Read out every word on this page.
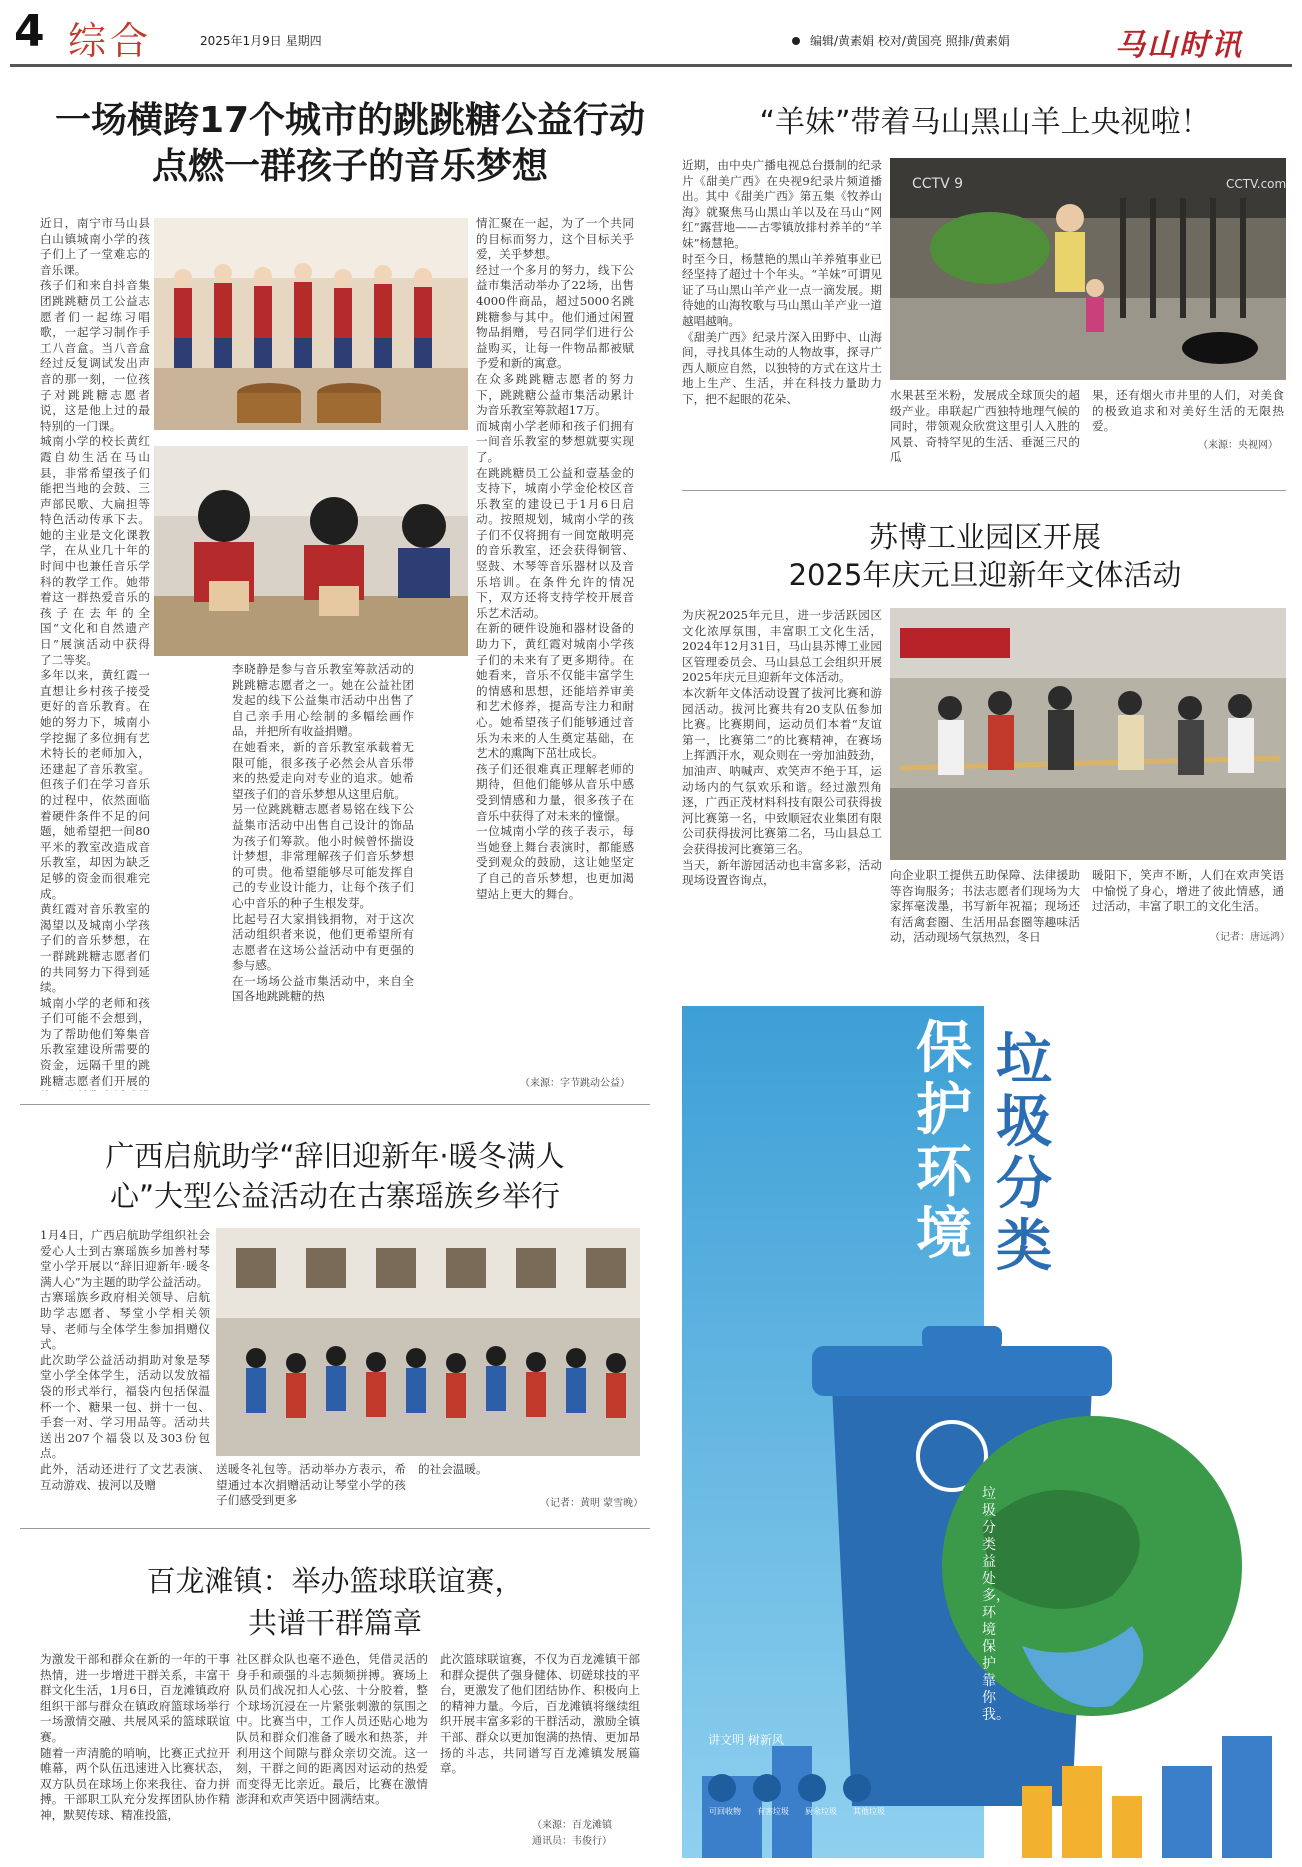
4 综合	2025年1月9日 星期四	编辑/黄素娟 校对/黄国亮 照排/黄素娟	马山时讯
一场横跨17个城市的跳跳糖公益行动
点燃一群孩子的音乐梦想
近日，南宁市马山县白山镇城南小学的孩子们上了一堂难忘的音乐课。
孩子们和来自抖音集团跳跳糖员工公益志愿者们一起练习唱歌，一起学习制作手工八音盒。当八音盒经过反复调试发出声音的那一刻，一位孩子对跳跳糖志愿者说，这是他上过的最特别的一门课。
城南小学的校长黄红霞自幼生活在马山县，非常希望孩子们能把当地的会鼓、三声部民歌、大扁担等特色活动传承下去。她的主业是文化课教学，在从业几十年的时间中也兼任音乐学科的教学工作。她带着这一群热爱音乐的孩子在去年的全国“文化和自然遗产日”展演活动中获得了二等奖。
多年以来，黄红霞一直想让乡村孩子接受更好的音乐教育。在她的努力下，城南小学挖掘了多位拥有艺术特长的老师加入，还建起了音乐教室。但孩子们在学习音乐的过程中，依然面临着硬件条件不足的问题，她希望把一间80平米的教室改造成音乐教室，却因为缺乏足够的资金而很难完成。
黄红霞对音乐教室的渴望以及城南小学孩子们的音乐梦想，在一群跳跳糖志愿者们的共同努力下得到延续。
城南小学的老师和孩子们可能不会想到，为了帮助他们筹集音乐教室建设所需要的资金，远隔千里的跳跳糖志愿者们开展的

李晓静是参与音乐教室筹款活动的跳跳糖志愿者之一。她在公益社团发起的线下公益集市活动中出售了自己亲手用心绘制的多幅绘画作品，并把所有收益捐赠。
在她看来，新的音乐教室承载着无限可能，很多孩子必然会从音乐带来的热爱走向对专业的追求。她希望孩子们的音乐梦想从这里启航。
另一位跳跳糖志愿者易铭在线下公益集市活动中出售自己设计的饰品为孩子们筹款。他小时候曾怀揣设计梦想，非常理解孩子们音乐梦想的可贵。他希望能够尽可能发挥自己的专业设计能力，让每个孩子们心中音乐的种子生根发芽。
比起号召大家捐钱捐物，对于这次活动组织者来说，他们更希望所有志愿者在这场公益活动中有更强的参与感。
在一场场公益市集活动中，来自全国各地跳跳糖的热
情汇聚在一起，为了一个共同的目标而努力，这个目标关乎爱，关乎梦想。
经过一个多月的努力，线下公益市集活动举办了22场，出售4000件商品，超过5000名跳跳糖参与其中。他们通过闲置物品捐赠，号召同学们进行公益购买，让每一件物品都被赋予爱和新的寓意。
在众多跳跳糖志愿者的努力下，跳跳糖公益市集活动累计为音乐教室筹款超17万。
而城南小学老师和孩子们拥有一间音乐教室的梦想就要实现了。
在跳跳糖员工公益和壹基金的支持下，城南小学金伦校区音乐教室的建设已于1月6日启动。按照规划，城南小学的孩子们不仅将拥有一间宽敞明亮的音乐教室，还会获得铜管、竖鼓、木琴等音乐器材以及音乐培训。在条件允许的情况下，双方还将支持学校开展音乐艺术活动。
在新的硬件设施和器材设备的助力下，黄红霞对城南小学孩子们的未来有了更多期待。在她看来，音乐不仅能丰富学生的情感和思想，还能培养审美和艺术修养，提高专注力和耐心。她希望孩子们能够通过音乐为未来的人生奠定基础，在艺术的熏陶下茁壮成长。
孩子们还很难真正理解老师的期待，但他们能够从音乐中感受到情感和力量，很多孩子在音乐中获得了对未来的憧憬。
一位城南小学的孩子表示，每当她登上舞台表演时，都能感受到观众的鼓励，这让她坚定了自己的音乐梦想，也更加渴望站上更大的舞台。
（来源：字节跳动公益）
“羊妹”带着马山黑山羊上央视啦！
CCTV 9	CCTV.com
近期，由中央广播电视总台摄制的纪录片《甜美广西》在央视9纪录片频道播出。其中《甜美广西》第五集《牧养山海》就聚焦马山黑山羊以及在马山“网红”露营地——古零镇放排村养羊的“羊妹”杨慧艳。
时至今日，杨慧艳的黑山羊养殖事业已经坚持了超过十个年头。“羊妹”可谓见证了马山黑山羊产业一点一滴发展。期待她的山海牧歌与马山黑山羊产业一道越唱越响。
《甜美广西》纪录片深入田野中、山海间，寻找具体生动的人物故事，探寻广西人顺应自然，以独特的方式在这片土地上生产、生活，并在科技力量助力下，把不起眼的花朵、	水果甚至米粉，发展成全球顶尖的超级产业。串联起广西独特地理气候的同时，带领观众欣赏这里引人入胜的风景、奇特罕见的生活、垂涎三尺的瓜
果，还有烟火市井里的人们，对美食的极致追求和对美好生活的无限热爱。
（来源：央视网）
苏博工业园区开展
2025年庆元旦迎新年文体活动
为庆祝2025年元旦，进一步活跃园区文化浓厚氛围，丰富职工文化生活，2024年12月31日，马山县苏博工业园区管理委员会、马山县总工会组织开展2025年庆元旦迎新年文体活动。
本次新年文体活动设置了拔河比赛和游园活动。拔河比赛共有20支队伍参加比赛。比赛期间，运动员们本着“友谊第一，比赛第二”的比赛精神，在赛场上挥洒汗水，观众则在一旁加油鼓劲，加油声、呐喊声、欢笑声不绝于耳，运动场内的气氛欢乐和谐。经过激烈角逐，广西正茂材料科技有限公司获得拔河比赛第一名，中致顺冠农业集团有限公司获得拔河比赛第二名，马山县总工会获得拔河比赛第三名。
当天，新年游园活动也丰富多彩，活动现场设置咨询点，	向企业职工提供五助保障、法律援助等咨询服务；书法志愿者们现场为大家挥毫泼墨，书写新年祝福；现场还有活禽套圈、生活用品套圈等趣味活动，活动现场气氛热烈，冬日
暖阳下，笑声不断，人们在欢声笑语中愉悦了身心，增进了彼此情感，通过活动，丰富了职工的文化生活。
（记者：唐远鸿）
广西启航助学“辞旧迎新年·暖冬满人
心”大型公益活动在古寨瑶族乡举行
1月4日，广西启航助学组织社会爱心人士到古寨瑶族乡加善村琴堂小学开展以“辞旧迎新年·暖冬满人心”为主题的助学公益活动。
古寨瑶族乡政府相关领导、启航助学志愿者、琴堂小学相关领导、老师与全体学生参加捐赠仪式。
此次助学公益活动捐助对象是琴堂小学全体学生，活动以发放福袋的形式举行，福袋内包括保温杯一个、糖果一包、拼十一包、手套一对、学习用品等。活动共送出207个福袋以及303份包点。
此外，活动还进行了文艺表演、互动游戏、拔河以及赠
送暖冬礼包等。活动举办方表示，希望通过本次捐赠活动让琴堂小学的孩子们感受到更多
的社会温暖。
（记者：黄明 蒙雪晚）
百龙滩镇：举办篮球联谊赛，
共谱干群篇章
为激发干部和群众在新的一年的干事热情，进一步增进干群关系，丰富干群文化生活，1月6日，百龙滩镇政府组织干部与群众在镇政府篮球场举行一场激情交融、共展风采的篮球联谊赛。
随着一声清脆的哨响，比赛正式拉开帷幕，两个队伍迅速进入比赛状态，双方队员在球场上你来我往、奋力拼搏。干部职工队充分发挥团队协作精神，默契传球、精准投篮，
社区群众队也毫不逊色，凭借灵活的身手和顽强的斗志频频拼搏。赛场上队员们战况扣人心弦、十分胶着，整个球场沉浸在一片紧张刺激的氛围之中。比赛当中，工作人员还贴心地为队员和群众们准备了暖水和热茶，并利用这个间隙与群众亲切交流。这一刻，干群之间的距离因对运动的热爱而变得无比亲近。最后，比赛在激情澎湃和欢声笑语中圆满结束。
此次篮球联谊赛，不仅为百龙滩镇干部和群众提供了强身健体、切磋球技的平台，更激发了他们团结协作、积极向上的精神力量。今后，百龙滩镇将继续组织开展丰富多彩的干群活动，激励全镇干部、群众以更加饱满的热情、更加昂扬的斗志，共同谱写百龙滩镇发展篇章。
（来源：百龙滩镇
通讯员：韦俊行）
垃圾分类
保护环境
垃圾分类益处多，环境保护靠你我。
讲文明 树新风
可回收物	有害垃圾	厨余垃圾	其他垃圾
